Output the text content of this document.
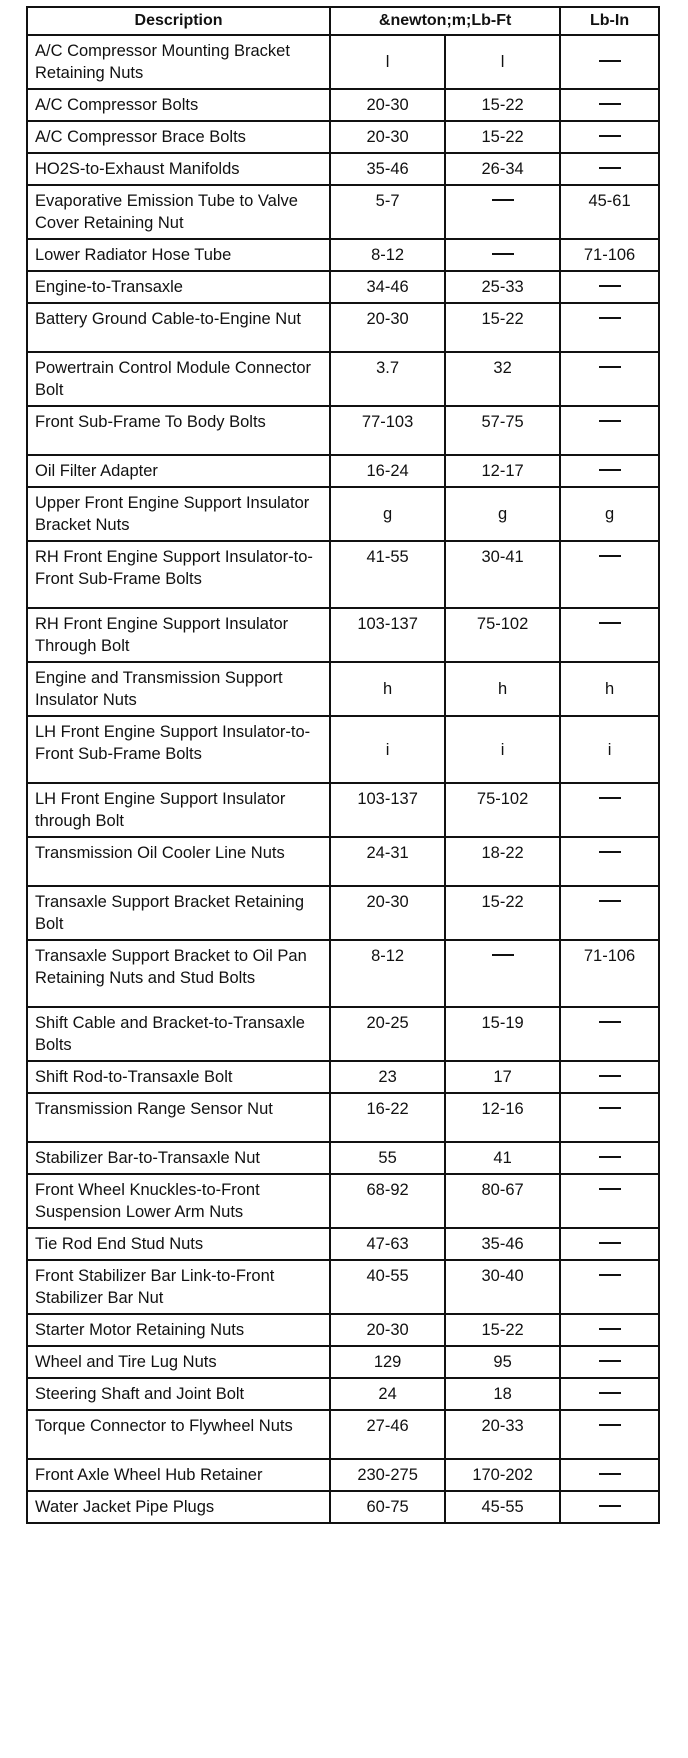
Description	&newton;m;Lb-Ft		Lb-In
A/C Compressor Mounting Bracket Retaining Nuts	l	l	
A/C Compressor Bolts	20-30	15-22	
A/C Compressor Brace Bolts	20-30	15-22	
HO2S-to-Exhaust Manifolds	35-46	26-34	
Evaporative Emission Tube to Valve Cover Retaining Nut	5-7		45-61
Lower Radiator Hose Tube	8-12		71-106
Engine-to-Transaxle	34-46	25-33	
Battery Ground Cable-to-Engine Nut	20-30	15-22	
Powertrain Control Module Connector Bolt	3.7	32	
Front Sub-Frame To Body Bolts	77-103	57-75	
Oil Filter Adapter	16-24	12-17	
Upper Front Engine Support Insulator Bracket Nuts	g	g	g
RH Front Engine Support Insulator-to-Front Sub-Frame Bolts	41-55	30-41	
RH Front Engine Support Insulator Through Bolt	103-137	75-102	
Engine and Transmission Support Insulator Nuts	h	h	h
LH Front Engine Support Insulator-to-Front Sub-Frame Bolts	i	i	i
LH Front Engine Support Insulator through Bolt	103-137	75-102	
Transmission Oil Cooler Line Nuts	24-31	18-22	
Transaxle Support Bracket Retaining Bolt	20-30	15-22	
Transaxle Support Bracket to Oil Pan Retaining Nuts and Stud Bolts	8-12		71-106
Shift Cable and Bracket-to-Transaxle Bolts	20-25	15-19	
Shift Rod-to-Transaxle Bolt	23	17	
Transmission Range Sensor Nut	16-22	12-16	
Stabilizer Bar-to-Transaxle Nut	55	41	
Front Wheel Knuckles-to-Front Suspension Lower Arm Nuts	68-92	80-67	
Tie Rod End Stud Nuts	47-63	35-46	
Front Stabilizer Bar Link-to-Front Stabilizer Bar Nut	40-55	30-40	
Starter Motor Retaining Nuts	20-30	15-22	
Wheel and Tire Lug Nuts	129	95	
Steering Shaft and Joint Bolt	24	18	
Torque Connector to Flywheel Nuts	27-46	20-33	
Front Axle Wheel Hub Retainer	230-275	170-202	
Water Jacket Pipe Plugs	60-75	45-55	
